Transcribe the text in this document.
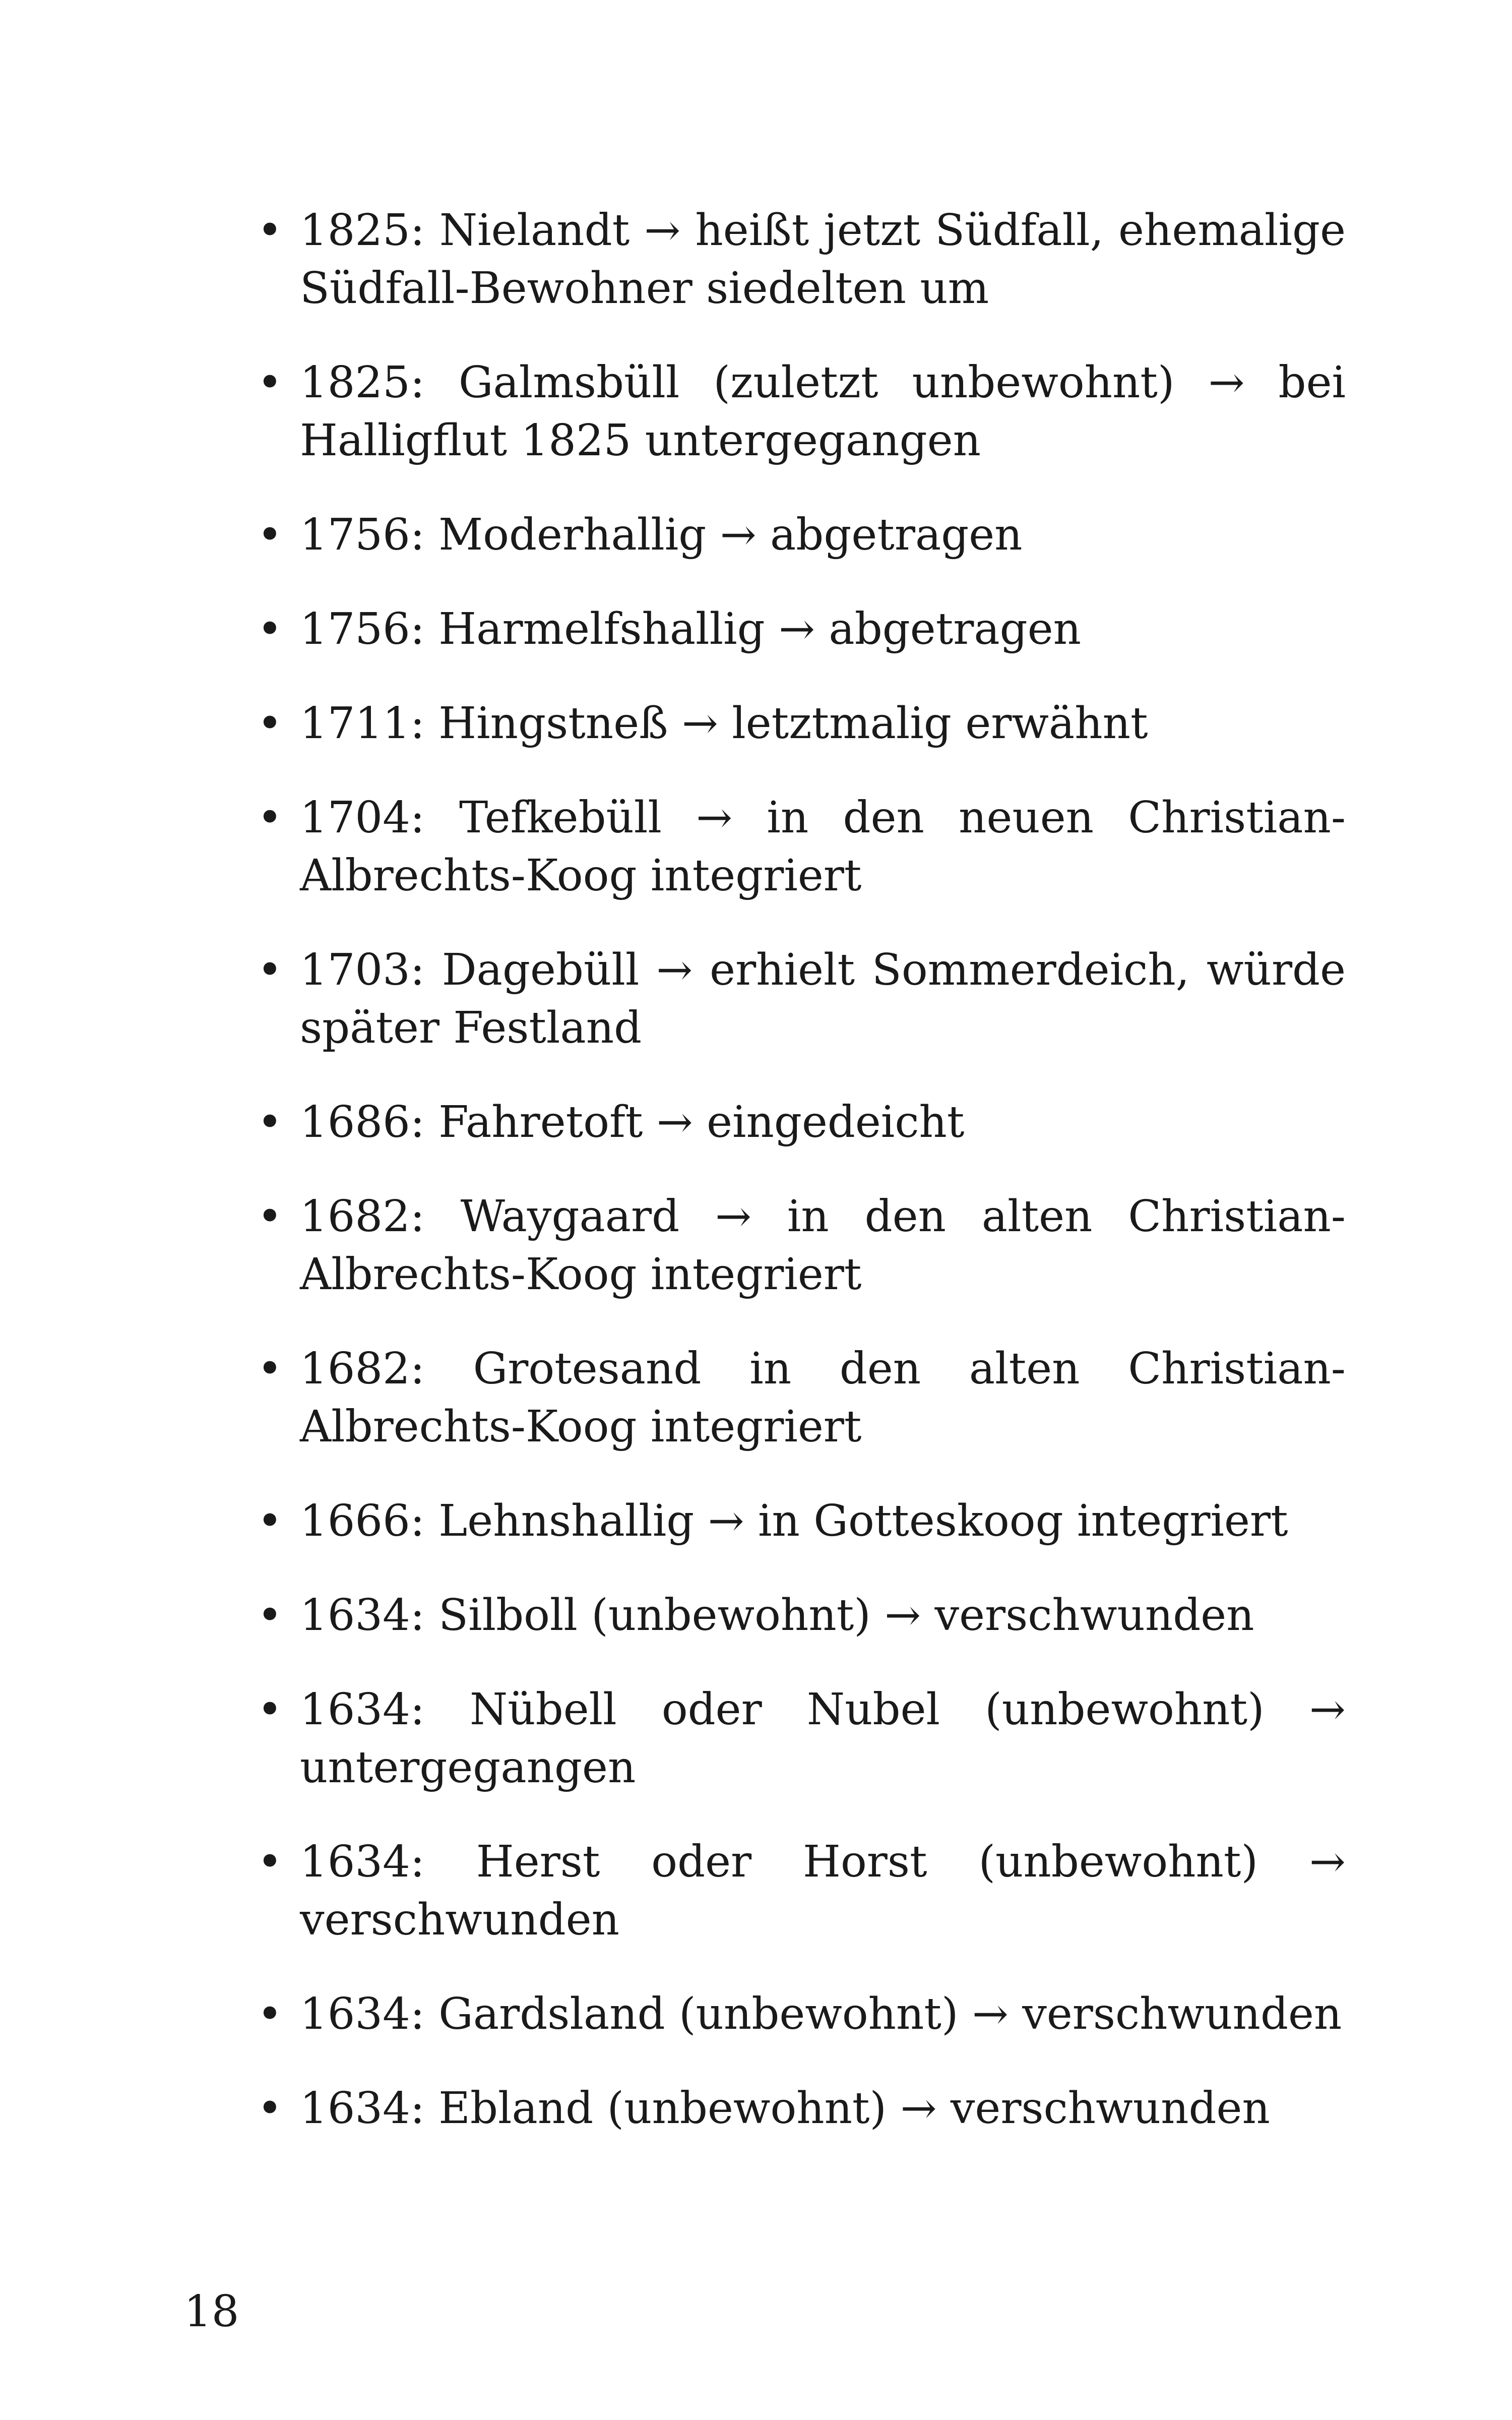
• 1825: Nielandt → heißt jetzt Südfall, ehemalige Südfall-Bewohner siedelten um
• 1825: Galmsbüll (zuletzt unbewohnt) → bei Halligflut 1825 untergegangen
• 1756: Moderhallig → abgetragen
• 1756: Harmelfshallig → abgetragen
• 1711: Hingstneß → letztmalig erwähnt
• 1704: Tefkebüll → in den neuen Christian-Albrechts-Koog integriert
• 1703: Dagebüll → erhielt Sommerdeich, würde später Festland
• 1686: Fahretoft → eingedeicht
• 1682: Waygaard → in den alten Christian-Albrechts-Koog integriert
• 1682: Grotesand in den alten Christian-Albrechts-Koog integriert
• 1666: Lehnshallig → in Gotteskoog integriert
• 1634: Silboll (unbewohnt) → verschwunden
• 1634: Nübell oder Nubel (unbewohnt) → untergegangen
• 1634: Herst oder Horst (unbewohnt) → verschwunden
• 1634: Gardsland (unbewohnt) → verschwunden
• 1634: Ebland (unbewohnt) → verschwunden
18
